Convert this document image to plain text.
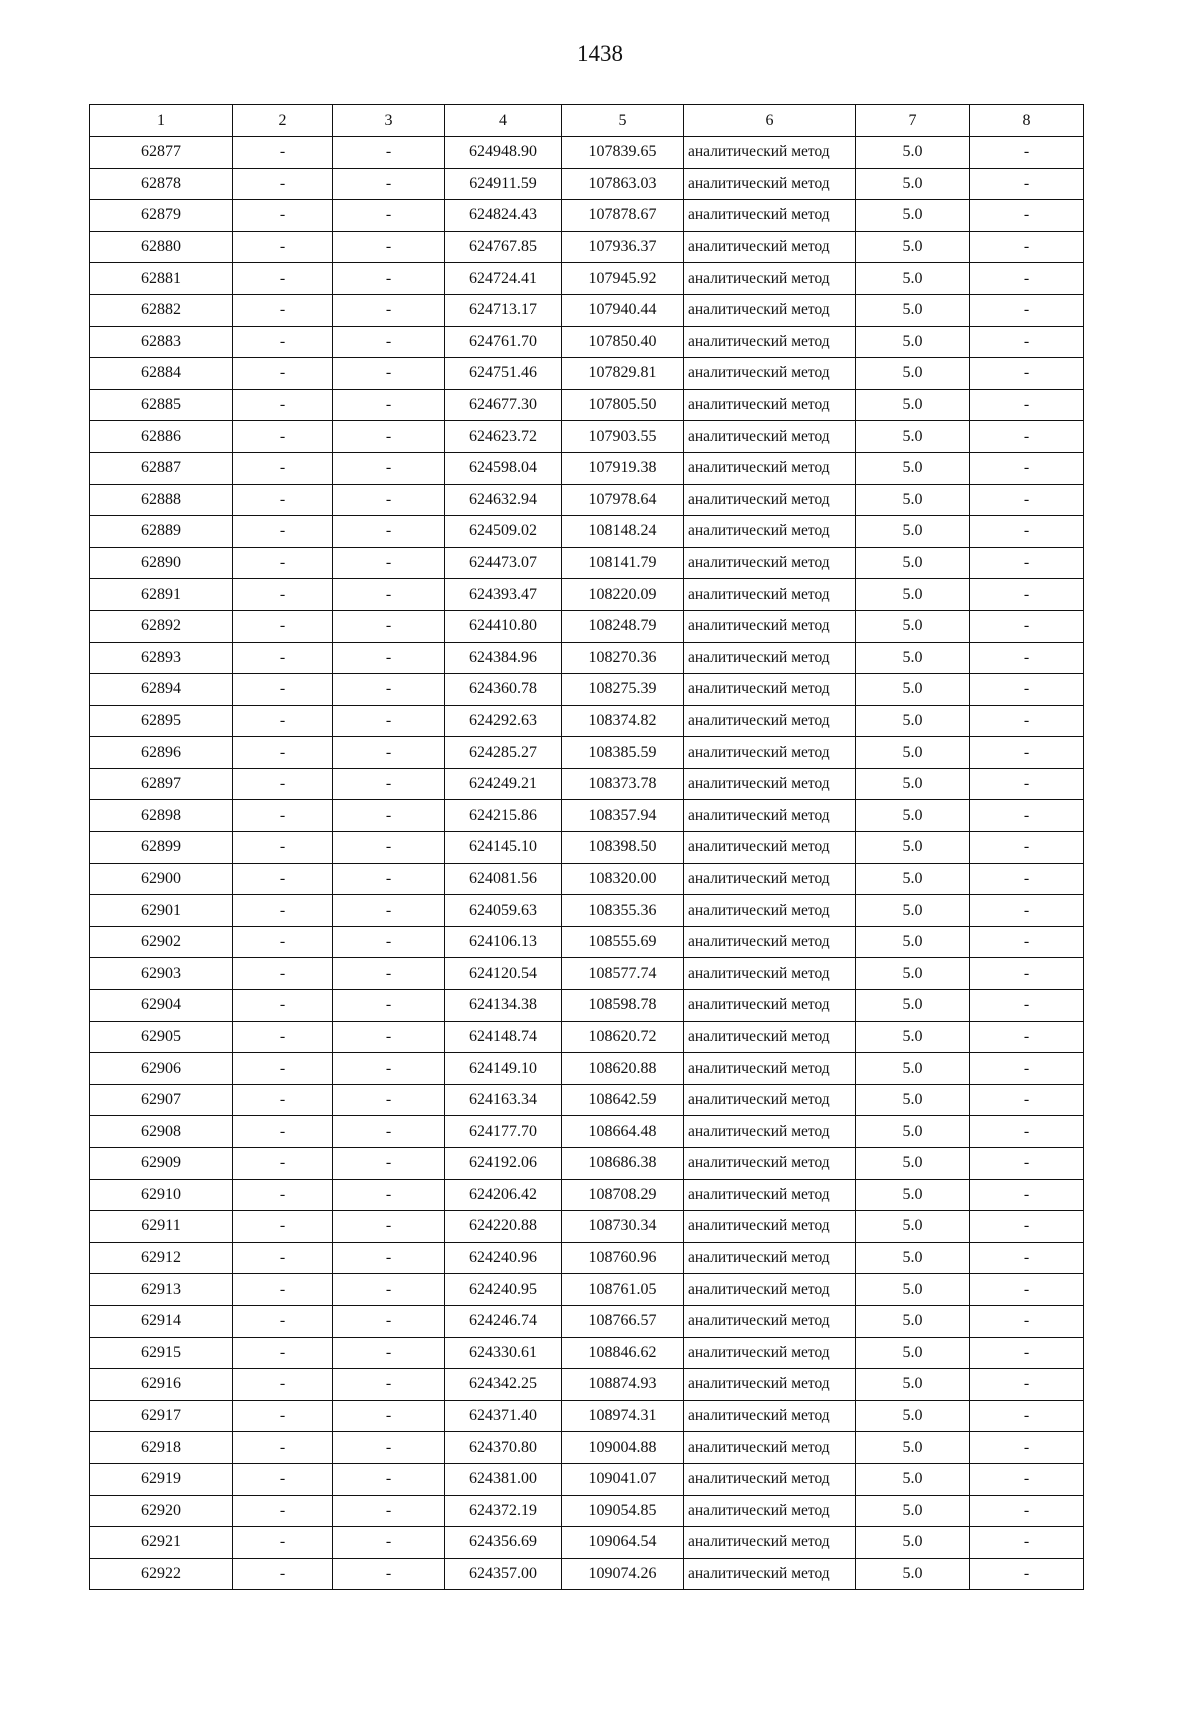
1438
1	2	3	4	5	6	7	8
62877	-	-	624948.90	107839.65	аналитический метод	5.0	-
62878	-	-	624911.59	107863.03	аналитический метод	5.0	-
62879	-	-	624824.43	107878.67	аналитический метод	5.0	-
62880	-	-	624767.85	107936.37	аналитический метод	5.0	-
62881	-	-	624724.41	107945.92	аналитический метод	5.0	-
62882	-	-	624713.17	107940.44	аналитический метод	5.0	-
62883	-	-	624761.70	107850.40	аналитический метод	5.0	-
62884	-	-	624751.46	107829.81	аналитический метод	5.0	-
62885	-	-	624677.30	107805.50	аналитический метод	5.0	-
62886	-	-	624623.72	107903.55	аналитический метод	5.0	-
62887	-	-	624598.04	107919.38	аналитический метод	5.0	-
62888	-	-	624632.94	107978.64	аналитический метод	5.0	-
62889	-	-	624509.02	108148.24	аналитический метод	5.0	-
62890	-	-	624473.07	108141.79	аналитический метод	5.0	-
62891	-	-	624393.47	108220.09	аналитический метод	5.0	-
62892	-	-	624410.80	108248.79	аналитический метод	5.0	-
62893	-	-	624384.96	108270.36	аналитический метод	5.0	-
62894	-	-	624360.78	108275.39	аналитический метод	5.0	-
62895	-	-	624292.63	108374.82	аналитический метод	5.0	-
62896	-	-	624285.27	108385.59	аналитический метод	5.0	-
62897	-	-	624249.21	108373.78	аналитический метод	5.0	-
62898	-	-	624215.86	108357.94	аналитический метод	5.0	-
62899	-	-	624145.10	108398.50	аналитический метод	5.0	-
62900	-	-	624081.56	108320.00	аналитический метод	5.0	-
62901	-	-	624059.63	108355.36	аналитический метод	5.0	-
62902	-	-	624106.13	108555.69	аналитический метод	5.0	-
62903	-	-	624120.54	108577.74	аналитический метод	5.0	-
62904	-	-	624134.38	108598.78	аналитический метод	5.0	-
62905	-	-	624148.74	108620.72	аналитический метод	5.0	-
62906	-	-	624149.10	108620.88	аналитический метод	5.0	-
62907	-	-	624163.34	108642.59	аналитический метод	5.0	-
62908	-	-	624177.70	108664.48	аналитический метод	5.0	-
62909	-	-	624192.06	108686.38	аналитический метод	5.0	-
62910	-	-	624206.42	108708.29	аналитический метод	5.0	-
62911	-	-	624220.88	108730.34	аналитический метод	5.0	-
62912	-	-	624240.96	108760.96	аналитический метод	5.0	-
62913	-	-	624240.95	108761.05	аналитический метод	5.0	-
62914	-	-	624246.74	108766.57	аналитический метод	5.0	-
62915	-	-	624330.61	108846.62	аналитический метод	5.0	-
62916	-	-	624342.25	108874.93	аналитический метод	5.0	-
62917	-	-	624371.40	108974.31	аналитический метод	5.0	-
62918	-	-	624370.80	109004.88	аналитический метод	5.0	-
62919	-	-	624381.00	109041.07	аналитический метод	5.0	-
62920	-	-	624372.19	109054.85	аналитический метод	5.0	-
62921	-	-	624356.69	109064.54	аналитический метод	5.0	-
62922	-	-	624357.00	109074.26	аналитический метод	5.0	-
